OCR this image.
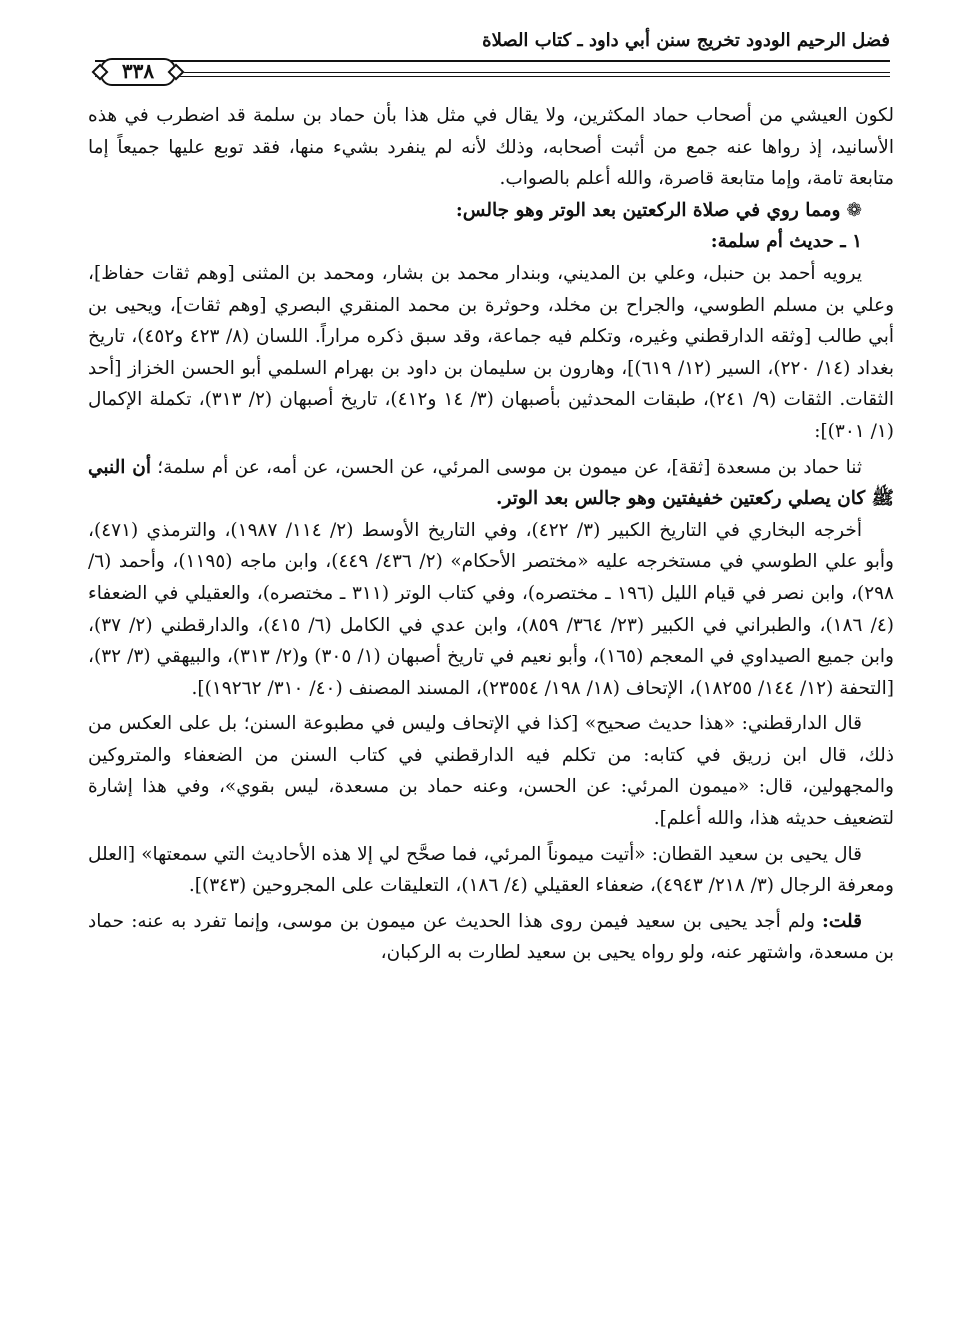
فضل الرحيم الودود تخريج سنن أبي داود ـ كتاب الصلاة
٣٣٨

لكون العيشي من أصحاب حماد المكثرين، ولا يقال في مثل هذا بأن حماد بن سلمة قد اضطرب في هذه الأسانيد، إذ رواها عنه جمع من أثبت أصحابه، وذلك لأنه لم ينفرد بشيء منها، فقد توبع عليها جميعاً إما متابعة تامة، وإما متابعة قاصرة، والله أعلم بالصواب.

❁ومما روي في صلاة الركعتين بعد الوتر وهو جالس:

١ ـ حديث أم سلمة:

يرويه أحمد بن حنبل، وعلي بن المديني، وبندار محمد بن بشار، ومحمد بن المثنى [وهم ثقات حفاظ]، وعلي بن مسلم الطوسي، والجراح بن مخلد، وحوثرة بن محمد المنقري البصري [وهم ثقات]، ويحيى بن أبي طالب [وثقه الدارقطني وغيره، وتكلم فيه جماعة، وقد سبق ذكره مراراً. اللسان (٨/ ٤٢٣ و٤٥٢)، تاريخ بغداد (١٤/ ٢٢٠)، السير (١٢/ ٦١٩)]، وهارون بن سليمان بن داود بن بهرام السلمي أبو الحسن الخزاز [أحد الثقات. الثقات (٩/ ٢٤١)، طبقات المحدثين بأصبهان (٣/ ١٤ و٤١٢)، تاريخ أصبهان (٢/ ٣١٣)، تكملة الإكمال (١/ ٣٠١)]:

ثنا حماد بن مسعدة [ثقة]، عن ميمون بن موسى المرئي، عن الحسن، عن أمه، عن أم سلمة؛ أن النبي ﷺ كان يصلي ركعتين خفيفتين وهو جالس بعد الوتر.

أخرجه البخاري في التاريخ الكبير (٣/ ٤٢٢)، وفي التاريخ الأوسط (٢/ ١١٤/ ١٩٨٧)، والترمذي (٤٧١)، وأبو علي الطوسي في مستخرجه عليه «مختصر الأحكام» (٢/ ٤٣٦/ ٤٤٩)، وابن ماجه (١١٩٥)، وأحمد (٦/ ٢٩٨)، وابن نصر في قيام الليل (١٩٦ ـ مختصره)، وفي كتاب الوتر (٣١١ ـ مختصره)، والعقيلي في الضعفاء (٤/ ١٨٦)، والطبراني في الكبير (٢٣/ ٣٦٤/ ٨٥٩)، وابن عدي في الكامل (٦/ ٤١٥)، والدارقطني (٢/ ٣٧)، وابن جميع الصيداوي في المعجم (١٦٥)، وأبو نعيم في تاريخ أصبهان (١/ ٣٠٥) و(٢/ ٣١٣)، والبيهقي (٣/ ٣٢)، [التحفة (١٢/ ١٤٤/ ١٨٢٥٥)، الإتحاف (١٨/ ١٩٨/ ٢٣٥٥٤)، المسند المصنف (٤٠/ ٣١٠/ ١٩٢٦٢)].

قال الدارقطني: «هذا حديث صحيح» [كذا في الإتحاف وليس في مطبوعة السنن؛ بل على العكس من ذلك، قال ابن زريق في كتابه: من تكلم فيه الدارقطني في كتاب السنن من الضعفاء والمتروكين والمجهولين، قال: «ميمون المرئي: عن الحسن، وعنه حماد بن مسعدة، ليس بقوي»، وفي هذا إشارة لتضعيف حديثه هذا، والله أعلم].

قال يحيى بن سعيد القطان: «أتيت ميموناً المرئي، فما صحَّح لي إلا هذه الأحاديث التي سمعتها» [العلل ومعرفة الرجال (٣/ ٢١٨/ ٤٩٤٣)، ضعفاء العقيلي (٤/ ١٨٦)، التعليقات على المجروحين (٣٤٣)].

قلت: ولم أجد يحيى بن سعيد فيمن روى هذا الحديث عن ميمون بن موسى، وإنما تفرد به عنه: حماد بن مسعدة، واشتهر عنه، ولو رواه يحيى بن سعيد لطارت به الركبان،
